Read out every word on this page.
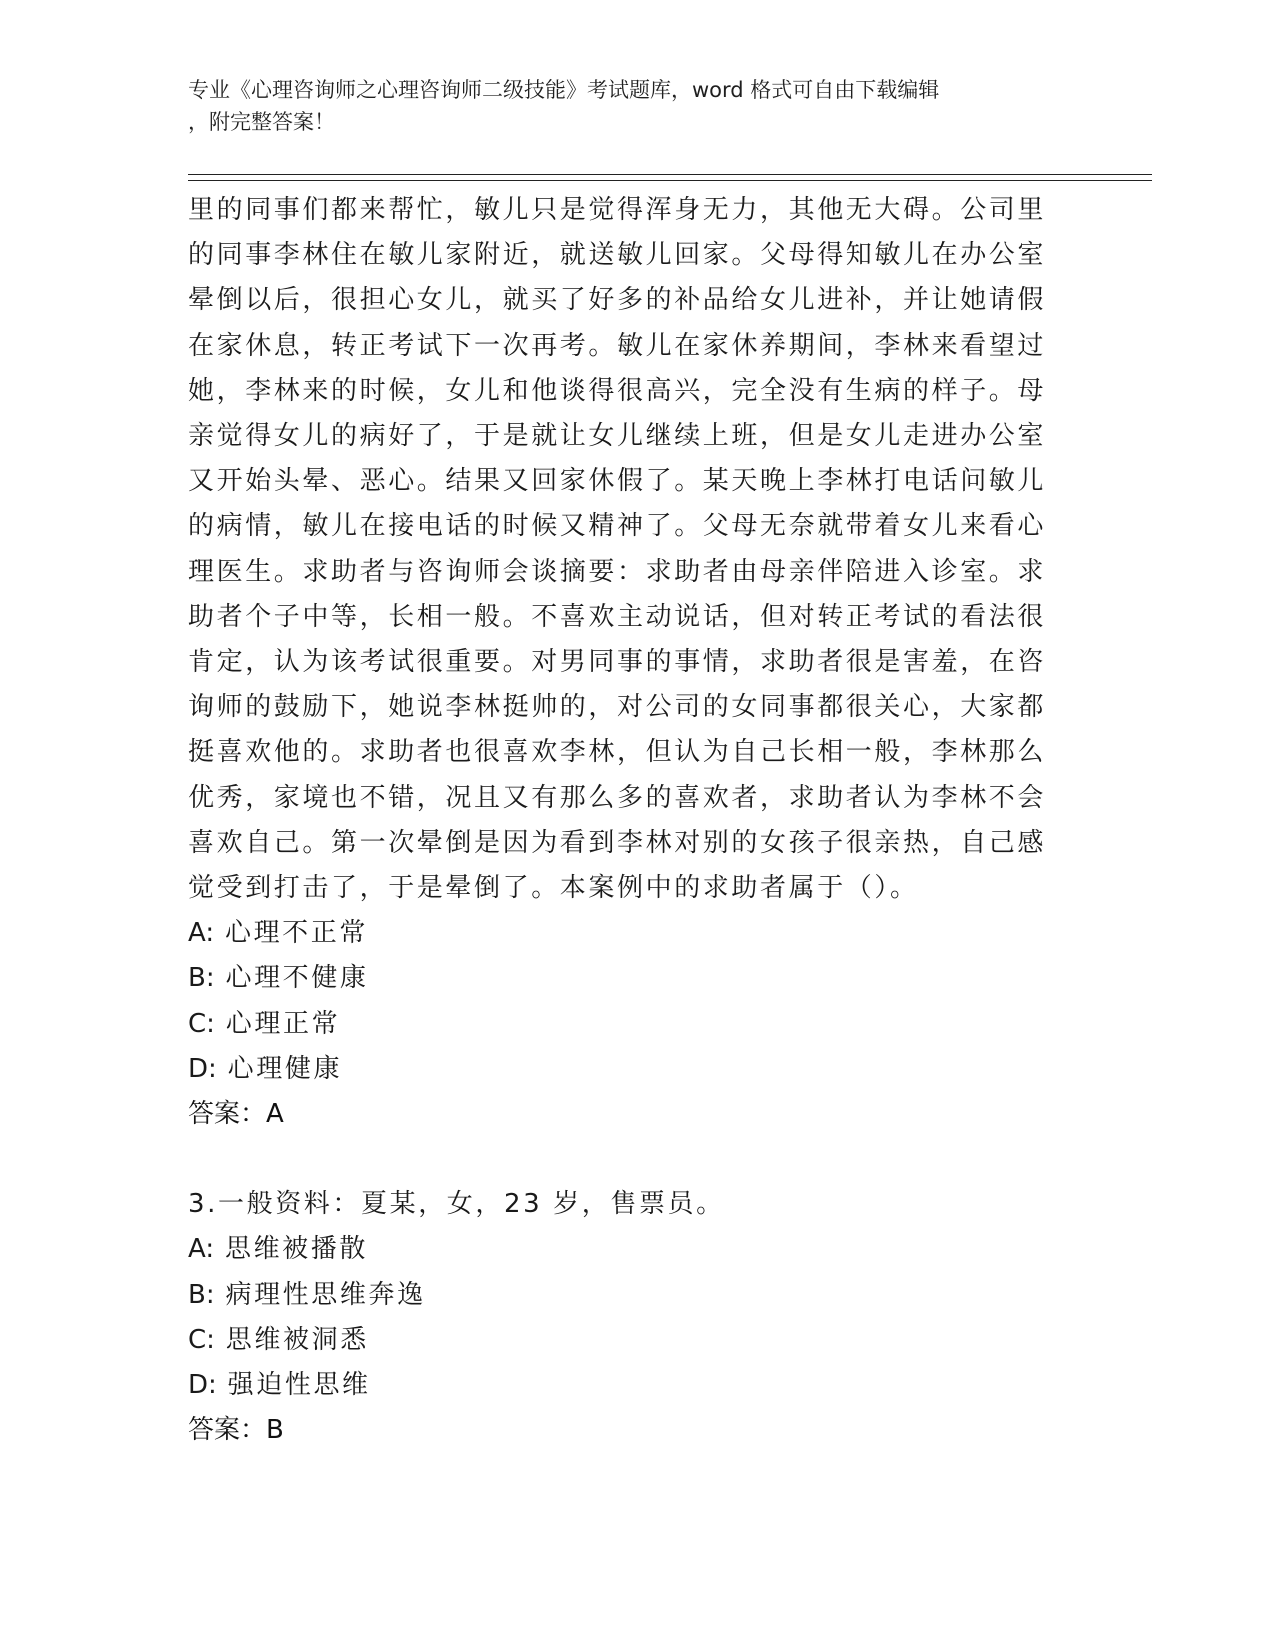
专业《心理咨询师之心理咨询师二级技能》考试题库，word 格式可自由下载编辑
，附完整答案！
里的同事们都来帮忙，敏儿只是觉得浑身无力，其他无大碍。公司里
的同事李林住在敏儿家附近，就送敏儿回家。父母得知敏儿在办公室
晕倒以后，很担心女儿，就买了好多的补品给女儿进补，并让她请假
在家休息，转正考试下一次再考。敏儿在家休养期间，李林来看望过
她，李林来的时候，女儿和他谈得很高兴，完全没有生病的样子。母
亲觉得女儿的病好了，于是就让女儿继续上班，但是女儿走进办公室
又开始头晕、恶心。结果又回家休假了。某天晚上李林打电话问敏儿
的病情，敏儿在接电话的时候又精神了。父母无奈就带着女儿来看心
理医生。求助者与咨询师会谈摘要：求助者由母亲伴陪进入诊室。求
助者个子中等，长相一般。不喜欢主动说话，但对转正考试的看法很
肯定，认为该考试很重要。对男同事的事情，求助者很是害羞，在咨
询师的鼓励下，她说李林挺帅的，对公司的女同事都很关心，大家都
挺喜欢他的。求助者也很喜欢李林，但认为自己长相一般，李林那么
优秀，家境也不错，况且又有那么多的喜欢者，求助者认为李林不会
喜欢自己。第一次晕倒是因为看到李林对别的女孩子很亲热，自己感
觉受到打击了，于是晕倒了。本案例中的求助者属于（）。
A: 心理不正常
B: 心理不健康
C: 心理正常
D: 心理健康
答案：A
3.一般资料：夏某，女，23 岁，售票员。
A: 思维被播散
B: 病理性思维奔逸
C: 思维被洞悉
D: 强迫性思维
答案：B
